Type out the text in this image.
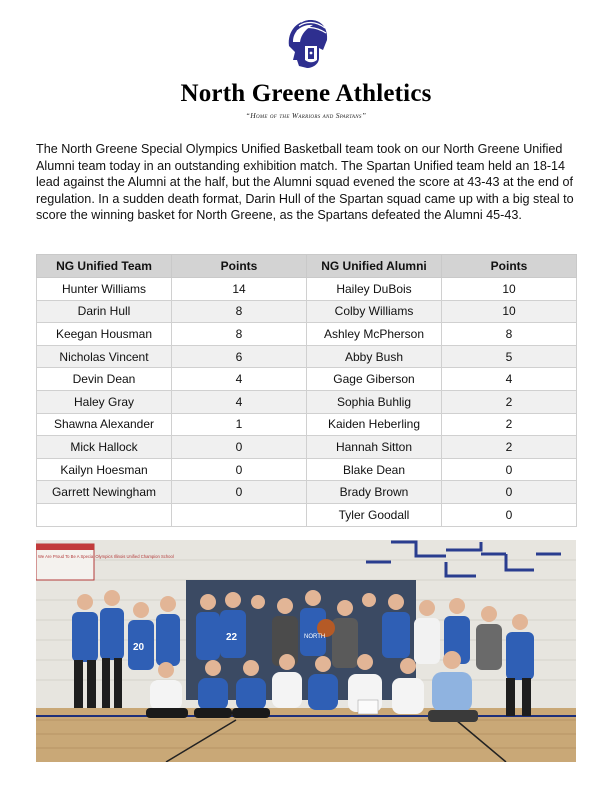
North Greene Athletics
“Home of the Warriors and Spartans”

The North Greene Special Olympics Unified Basketball team took on our North Greene Unified Alumni team today in an outstanding exhibition match. The Spartan Unified team held an 18-14 lead against the Alumni at the half, but the Alumni squad evened the score at 43-43 at the end of regulation. In a sudden death format, Darin Hull of the Spartan squad came up with a big steal to score the winning basket for North Greene, as the Spartans defeated the Alumni 45-43.

NG Unified Team	Points	NG Unified Alumni	Points
Hunter Williams	14	Hailey DuBois	10
Darin Hull	8	Colby Williams	10
Keegan Housman	8	Ashley McPherson	8
Nicholas Vincent	6	Abby Bush	5
Devin Dean	4	Gage Giberson	4
Haley Gray	4	Sophia Buhlig	2
Shawna Alexander	1	Kaiden Heberling	2
Mick Hallock	0	Hannah Sitton	2
Kailyn Hoesman	0	Blake Dean	0
Garrett Newingham	0	Brady Brown	0
		Tyler Goodall	0
We Are Proud To Be A Special Olympics Illinois Unified Champion School
NORTH
20
22
